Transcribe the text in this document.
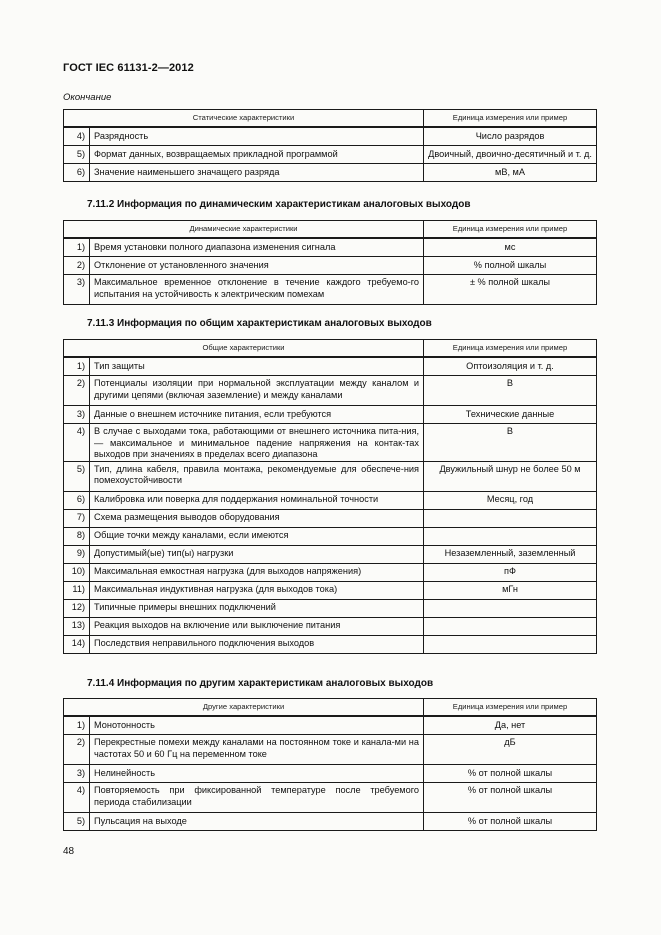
ГОСТ IEC 61131-2—2012
Окончание
Статические характеристики		Единица измерения или пример
4)	Разрядность	Число разрядов
5)	Формат данных, возвращаемых прикладной программой	Двоичный, двоично-десятичный и т. д.
6)	Значение наименьшего значащего разряда	мВ, мА
7.11.2 Информация по динамическим характеристикам аналоговых выходов
Динамические характеристики		Единица измерения или пример
1)	Время установки полного диапазона изменения сигнала	мс
2)	Отклонение от установленного значения	% полной шкалы
3)	Максимальное временное отклонение в течение каждого требуемо-го испытания на устойчивость к электрическим помехам	± % полной шкалы
7.11.3 Информация по общим характеристикам аналоговых выходов
Общие характеристики		Единица измерения или пример
1)	Тип защиты	Оптоизоляция и т. д.
2)	Потенциалы изоляции при нормальной эксплуатации между каналом и другими цепями (включая заземление) и между каналами	В
3)	Данные о внешнем источнике питания, если требуются	Технические данные
4)	В случае с выходами тока, работающими от внешнего источника пита-ния, — максимальное и минимальное падение напряжения на контак-тах выходов при значениях в пределах всего диапазона	В
5)	Тип, длина кабеля, правила монтажа, рекомендуемые для обеспече-ния помехоустойчивости	Двужильный шнур не более 50 м
6)	Калибровка или поверка для поддержания номинальной точности	Месяц, год
7)	Схема размещения выводов оборудования	
8)	Общие точки между каналами, если имеются	
9)	Допустимый(ые) тип(ы) нагрузки	Незаземленный, заземленный
10)	Максимальная емкостная нагрузка (для выходов напряжения)	пФ
11)	Максимальная индуктивная нагрузка (для выходов тока)	мГн
12)	Типичные примеры внешних подключений	
13)	Реакция выходов на включение или выключение питания	
14)	Последствия неправильного подключения выходов	
7.11.4 Информация по другим характеристикам аналоговых выходов
Другие характеристики		Единица измерения или пример
1)	Монотонность	Да, нет
2)	Перекрестные помехи между каналами на постоянном токе и канала-ми на частотах 50 и 60 Гц на переменном токе	дБ
3)	Нелинейность	% от полной шкалы
4)	Повторяемость при фиксированной температуре после требуемого периода стабилизации	% от полной шкалы
5)	Пульсация на выходе	% от полной шкалы
48
